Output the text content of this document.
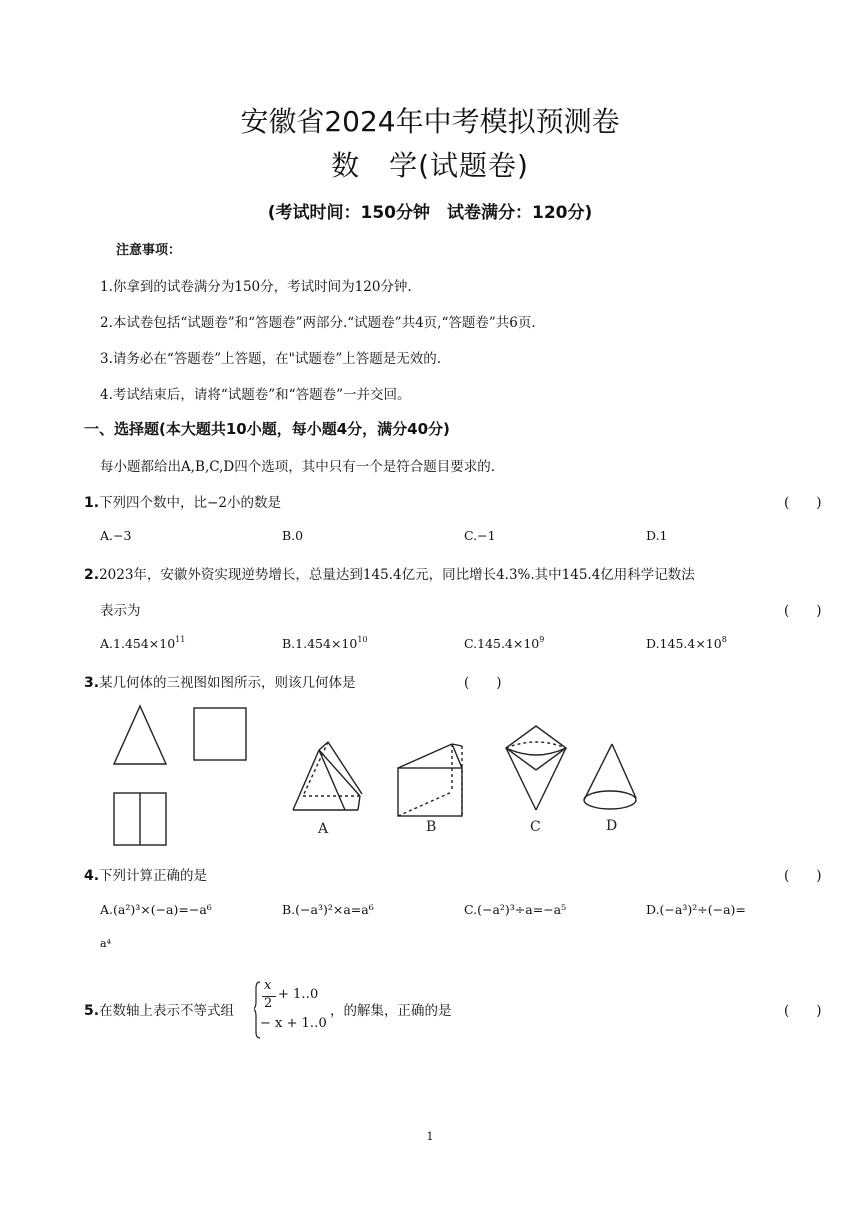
安徽省2024年中考模拟预测卷
数　学(试题卷)
(考试时间：150分钟　试卷满分：120分)
注意事项：
1.你拿到的试卷满分为150分，考试时间为120分钟.
2.本试卷包括“试题卷”和“答题卷”两部分.“试题卷”共4页,“答题卷”共6页.
3.请务必在“答题卷”上答题，在"试题卷”上答题是无效的.
4.考试结束后，请将“试题卷”和“答题卷”一并交回。
一、选择题(本大题共10小题，每小题4分，满分40分)
每小题都给出A,B,C,D四个选项，其中只有一个是符合题目要求的.
1.下列四个数中，比−2小的数是	(　　)
A.−3	B.0	C.−1	D.1
2.2023年，安徽外资实现逆势增长，总量达到145.4亿元，同比增长4.3%.其中145.4亿用科学记数法
表示为	(　　)
$A.1.454\times 10^{11}$	$B.1.454\times 10^{10}$	$C.145.4\times 10^9$	$D.145.4\times 10^8$
3.某几何体的三视图如图所示，则该几何体是	(　　)
A	B	C	D
4.下列计算正确的是	(　　)
A.(a²)³×(−a)=−a⁶	B.(−a³)²×a=a⁶	C.(−a²)³÷a=−a⁵	D.(−a³)²÷(−a)=
a⁴
5.在数轴上表示不等式组
x
2
+ 1‥0
− x + 1‥0
，的解集，正确的是	(　　)
1
